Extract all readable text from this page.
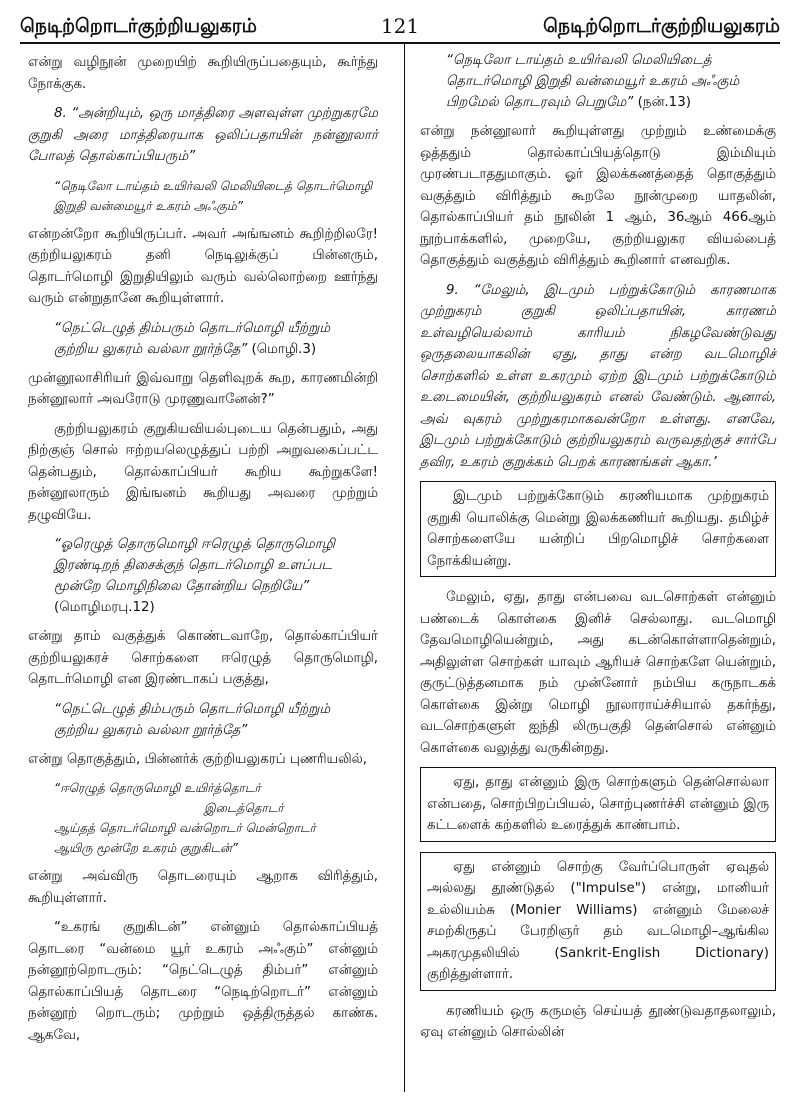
நெடிற்றொடர்குற்றியலுகரம்	121	நெடிற்றொடர்குற்றியலுகரம்

என்று வழிநூன் முறையிற் கூறியிருப்பதையும், கூர்ந்து நோக்குக.

8. “அன்றியும், ஒரு மாத்திரை அளவுள்ள முற்றுகரமே குறுகி அரை மாத்திரையாக ஒலிப்பதாயின் நன்னூலார் போலத் தொல்காப்பியரும்”

“நெடிலோ டாய்தம் உயிர்வலி மெலியிடைத் தொடர்மொழி இறுதி வன்மையூர் உகரம் அஃகும்”

என்றன்றோ கூறியிருப்பர். அவர் அங்ஙனம் கூறிற்றிலரே! குற்றியலுகரம் தனி நெடிலுக்குப் பின்னரும், தொடர்மொழி இறுதியிலும் வரும் வல்லொற்றை ஊர்ந்து வரும் என்றுதானே கூறியுள்ளார்.

“நெட்டெழுத் திம்பரும் தொடர்மொழி யீற்றும் குற்றிய லுகரம் வல்லா றூர்ந்தே” (மொழி.3)

முன்னூலாசிரியர் இவ்வாறு தெளிவுறக் கூற, காரணமின்றி நன்னூலார் அவரோடு முரணுவானேன்?”

குற்றியலுகரம் குறுகியவியல்புடைய தென்பதும், அது நிற்குஞ் சொல் ஈற்றயலெழுத்துப் பற்றி அறுவகைப்பட்ட தென்பதும், தொல்காப்பியர் கூறிய கூற்றுகளே! நன்னூலாரும் இங்ஙனம் கூறியது அவரை முற்றும் தழுவியே.

“ஓரெழுத் தொருமொழி ஈரெழுத் தொருமொழி இரண்டிறந் திசைக்குந் தொடர்மொழி உளப்பட மூன்றே மொழிநிலை தோன்றிய நெறியே” (மொழிமரபு.12)

என்று தாம் வகுத்துக் கொண்டவாறே, தொல்காப்பியர் குற்றியலுகரச் சொற்களை ஈரெழுத் தொருமொழி, தொடர்மொழி என இரண்டாகப் பகுத்து,

“நெட்டெழுத் திம்பரும் தொடர்மொழி யீற்றும் குற்றிய லுகரம் வல்லா றூர்ந்தே”

என்று தொகுத்தும், பின்னர்க் குற்றியலுகரப் புணரியலில்,

“ஈரெழுத் தொருமொழி உயிர்த்தொடர்
இடைத்தொடர்
ஆய்தத் தொடர்மொழி வன்றொடர் மென்றொடர்
ஆயிரு மூன்றே உகரம் குறுகிடன்”

என்று அவ்விரு தொடரையும் ஆறாக விரித்தும், கூறியுள்ளார்.

“உகரங் குறுகிடன்” என்னும் தொல்காப்பியத் தொடரை “வன்மை யூர் உகரம் அஃகும்” என்னும் நன்னூற்றொடரும்: “நெட்டெழுத் திம்பர்” என்னும் தொல்காப்பியத் தொடரை “நெடிற்றொடர்” என்னும் நன்னூற் றொடரும்; முற்றும் ஒத்திருத்தல் காண்க. ஆகவே,

“நெடிலோ டாய்தம் உயிர்வலி மெலியிடைத் தொடர்மொழி இறுதி வன்மையூர் உகரம் அஃகும் பிறமேல் தொடரவும் பெறுமே” (நன்.13)

என்று நன்னூலார் கூறியுள்ளது முற்றும் உண்மைக்கு ஒத்ததும் தொல்காப்பியத்தொடு இம்மியும் முரண்படாததுமாகும். ஓர் இலக்கணத்தைத் தொகுத்தும் வகுத்தும் விரித்தும் கூறலே நூன்முறை யாதலின், தொல்காப்பியர் தம் நூலின் 1 ஆம், 36ஆம் 466ஆம் நூற்பாக்களில், முறையே, குற்றியலுகர வியல்பைத் தொகுத்தும் வகுத்தும் விரித்தும் கூறினார் எனவறிக.

9. “மேலும், இடமும் பற்றுக்கோடும் காரணமாக முற்றுகரம் குறுகி ஒலிப்பதாயின், காரணம் உள்வழியெல்லாம் காரியம் நிகழவேண்டுவது ஒருதலையாகலின் ஏது, தாது என்ற வடமொழிச் சொற்களில் உள்ள உகரமும் ஏற்ற இடமும் பற்றுக்கோடும் உடைமையின், குற்றியலுகரம் எனல் வேண்டும். ஆனால், அவ் வுகரம் முற்றுகரமாகவன்றோ உள்ளது. எனவே, இடமும் பற்றுக்கோடும் குற்றியலுகரம் வருவதற்குச் சார்பே தவிர, உகரம் குறுக்கம் பெறக் காரணங்கள் ஆகா.’

இடமும் பற்றுக்கோடும் கரணியமாக முற்றுகரம் குறுகி யொலிக்கு மென்று இலக்கணியர் கூறியது. தமிழ்ச் சொற்களையே யன்றிப் பிறமொழிச் சொற்களை நோக்கியன்று.

மேலும், ஏது, தாது என்பவை வடசொற்கள் என்னும் பண்டைக் கொள்கை இனிச் செல்லாது. வடமொழி தேவமொழியென்றும், அது கடன்கொள்ளாதென்றும், அதிலுள்ள சொற்கள் யாவும் ஆரியச் சொற்களே யென்றும், குருட்டுத்தனமாக நம் முன்னோர் நம்பிய கருநாடகக் கொள்கை இன்று மொழி நூலாராய்ச்சியால் தகர்ந்து, வடசொற்களுள் ஐந்தி லிருபகுதி தென்சொல் என்னும் கொள்கை வலுத்து வருகின்றது.

ஏது, தாது என்னும் இரு சொற்களும் தென்சொல்லா என்பதை, சொற்பிறப்பியல், சொற்புணர்ச்சி என்னும் இரு கட்டளைக் கற்களில் உரைத்துக் காண்பாம்.

ஏது என்னும் சொற்கு வேர்ப்பொருள் ஏவுதல் அல்லது தூண்டுதல் ("Impulse") என்று, மானியர் உல்லியம்சு (Monier Williams) என்னும் மேலைச் சமற்கிருதப் பேரறிஞர் தம் வடமொழி–ஆங்கில அகரமுதலியில் (Sankrit-English Dictionary) குறித்துள்ளார்.

கரணியம் ஒரு கருமஞ் செய்யத் தூண்டுவதாதலாலும், ஏவு என்னும் சொல்லின்
